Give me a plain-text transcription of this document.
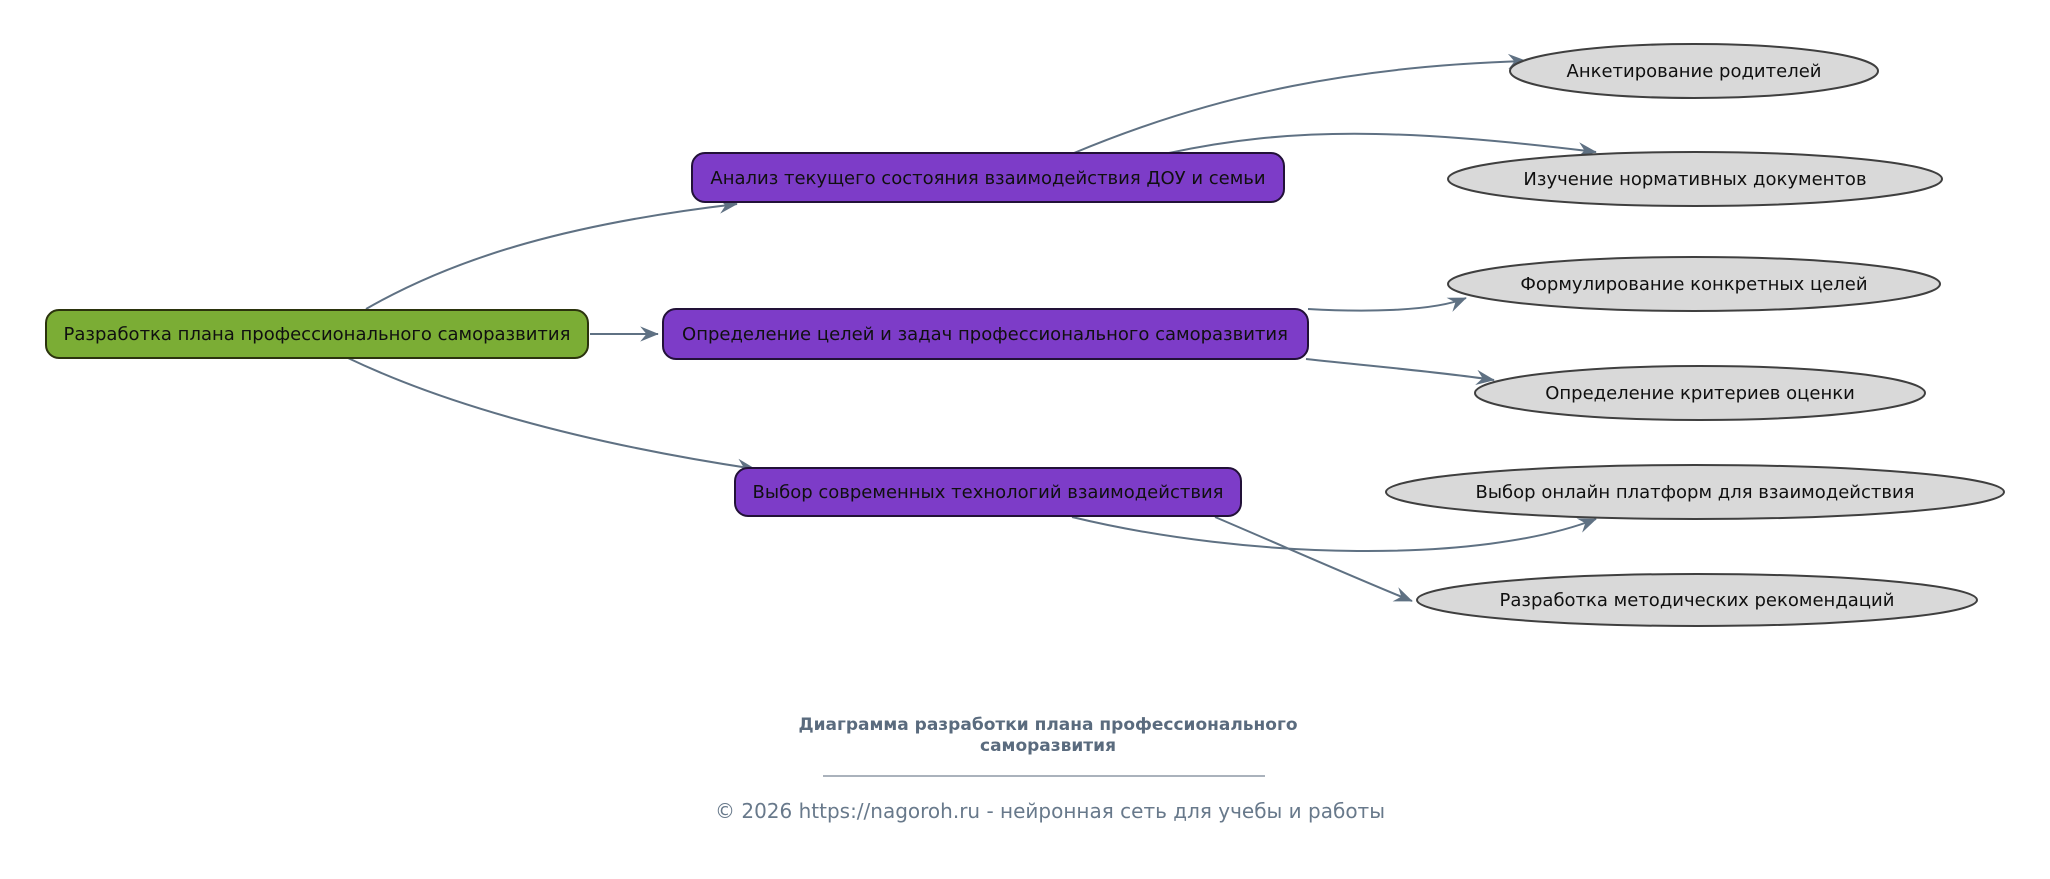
Разработка плана профессионального саморазвития
Анализ текущего состояния взаимодействия ДОУ и семьи
Определение целей и задач профессионального саморазвития
Выбор современных технологий взаимодействия
Анкетирование родителей
Изучение нормативных документов
Формулирование конкретных целей
Определение критериев оценки
Выбор онлайн платформ для взаимодействия
Разработка методических рекомендаций
Диаграмма разработки плана профессионального
саморазвития
© 2026 https://nagoroh.ru - нейронная сеть для учебы и работы
